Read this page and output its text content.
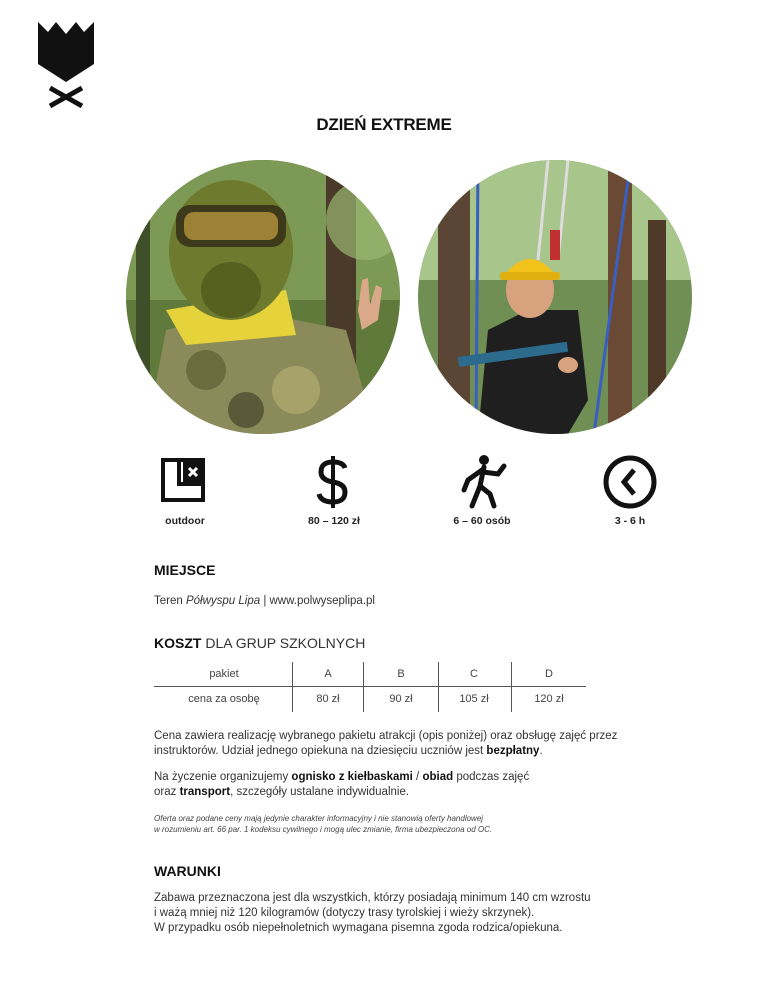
DZIEŃ EXTREME
outdoor	80 – 120 zł	6 – 60 osób	3 - 6 h
MIEJSCE
Teren Półwyspu Lipa | www.polwyseplipa.pl
KOSZT DLA GRUP SZKOLNYCH
pakiet	A	B	C	D
cena za osobę	80 zł	90 zł	105 zł	120 zł
Cena zawiera realizację wybranego pakietu atrakcji (opis poniżej) oraz obsługę zajęć przez
instruktorów. Udział jednego opiekuna na dziesięciu uczniów jest bezpłatny.
Na życzenie organizujemy ognisko z kiełbaskami / obiad podczas zajęć
oraz transport, szczegóły ustalane indywidualnie.
Oferta oraz podane ceny mają jedynie charakter informacyjny i nie stanowią oferty handlowej
w rozumieniu art. 66 par. 1 kodeksu cywilnego i mogą ulec zmianie, firma ubezpieczona od OC.
WARUNKI
Zabawa przeznaczona jest dla wszystkich, którzy posiadają minimum 140 cm wzrostu
i ważą mniej niż 120 kilogramów (dotyczy trasy tyrolskiej i wieży skrzynek).
W przypadku osób niepełnoletnich wymagana pisemna zgoda rodzica/opiekuna.
